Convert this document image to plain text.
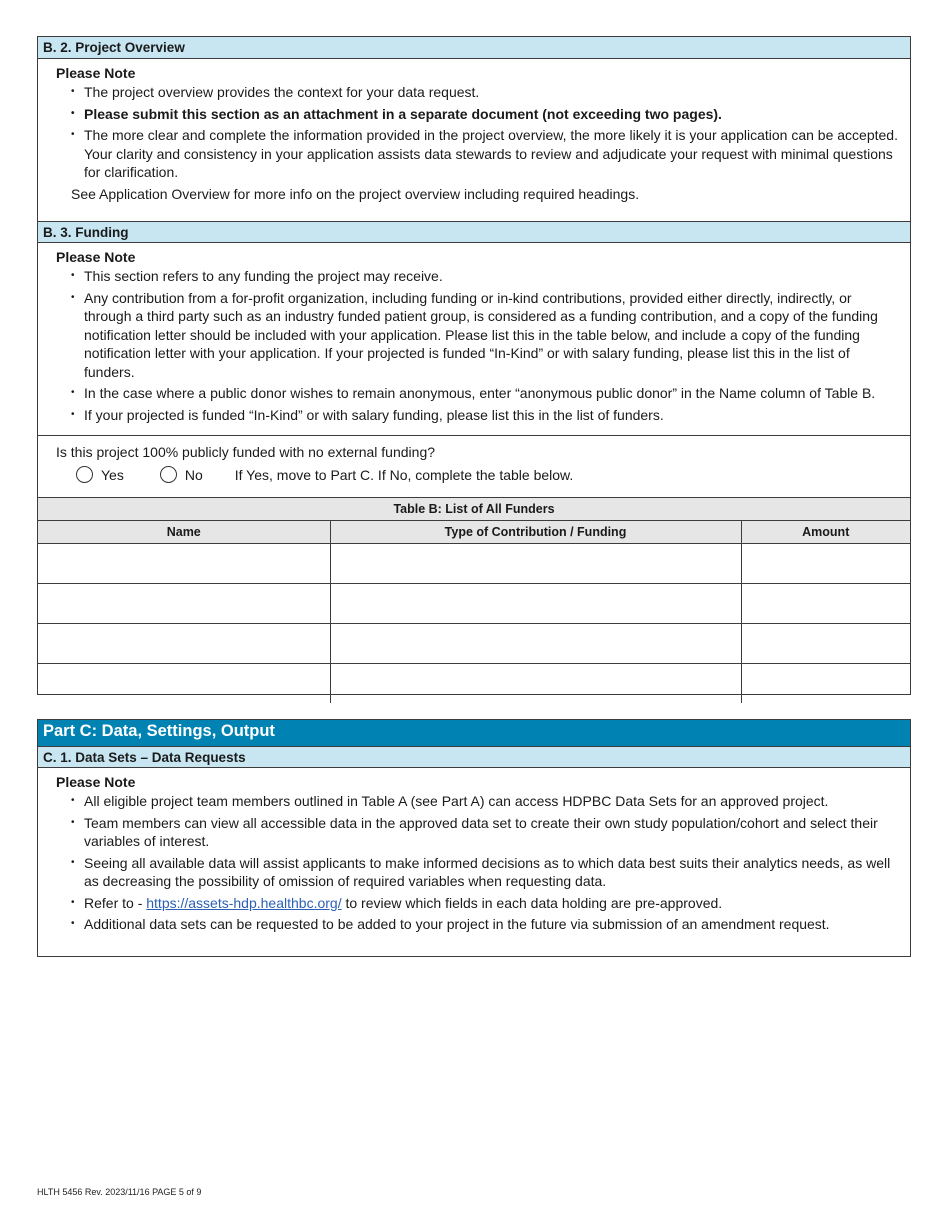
B. 2. Project Overview
Please Note
• The project overview provides the context for your data request.
• Please submit this section as an attachment in a separate document (not exceeding two pages).
• The more clear and complete the information provided in the project overview, the more likely it is your application can be accepted. Your clarity and consistency in your application assists data stewards to review and adjudicate your request with minimal questions for clarification.
See Application Overview for more info on the project overview including required headings.
B. 3. Funding
Please Note
• This section refers to any funding the project may receive.
• Any contribution from a for-profit organization, including funding or in-kind contributions, provided either directly, indirectly, or through a third party such as an industry funded patient group, is considered as a funding contribution, and a copy of the funding notification letter should be included with your application. Please list this in the table below, and include a copy of the funding notification letter with your application. If your projected is funded “In-Kind” or with salary funding, please list this in the list of funders.
• In the case where a public donor wishes to remain anonymous, enter “anonymous public donor” in the Name column of Table B.
• If your projected is funded “In-Kind” or with salary funding, please list this in the list of funders.
Is this project 100% publicly funded with no external funding?
Yes	No If Yes, move to Part C. If No, complete the table below.
Table B: List of All Funders		
Name	Type of Contribution / Funding	Amount

Part C: Data, Settings, Output
C. 1. Data Sets – Data Requests
Please Note
• All eligible project team members outlined in Table A (see Part A) can access HDPBC Data Sets for an approved project.
• Team members can view all accessible data in the approved data set to create their own study population/cohort and select their variables of interest.
• Seeing all available data will assist applicants to make informed decisions as to which data best suits their analytics needs, as well as decreasing the possibility of omission of required variables when requesting data.
• Refer to - https://assets-hdp.healthbc.org/ to review which fields in each data holding are pre-approved.
• Additional data sets can be requested to be added to your project in the future via submission of an amendment request.
HLTH 5456 Rev. 2023/11/16 PAGE 5 of 9
